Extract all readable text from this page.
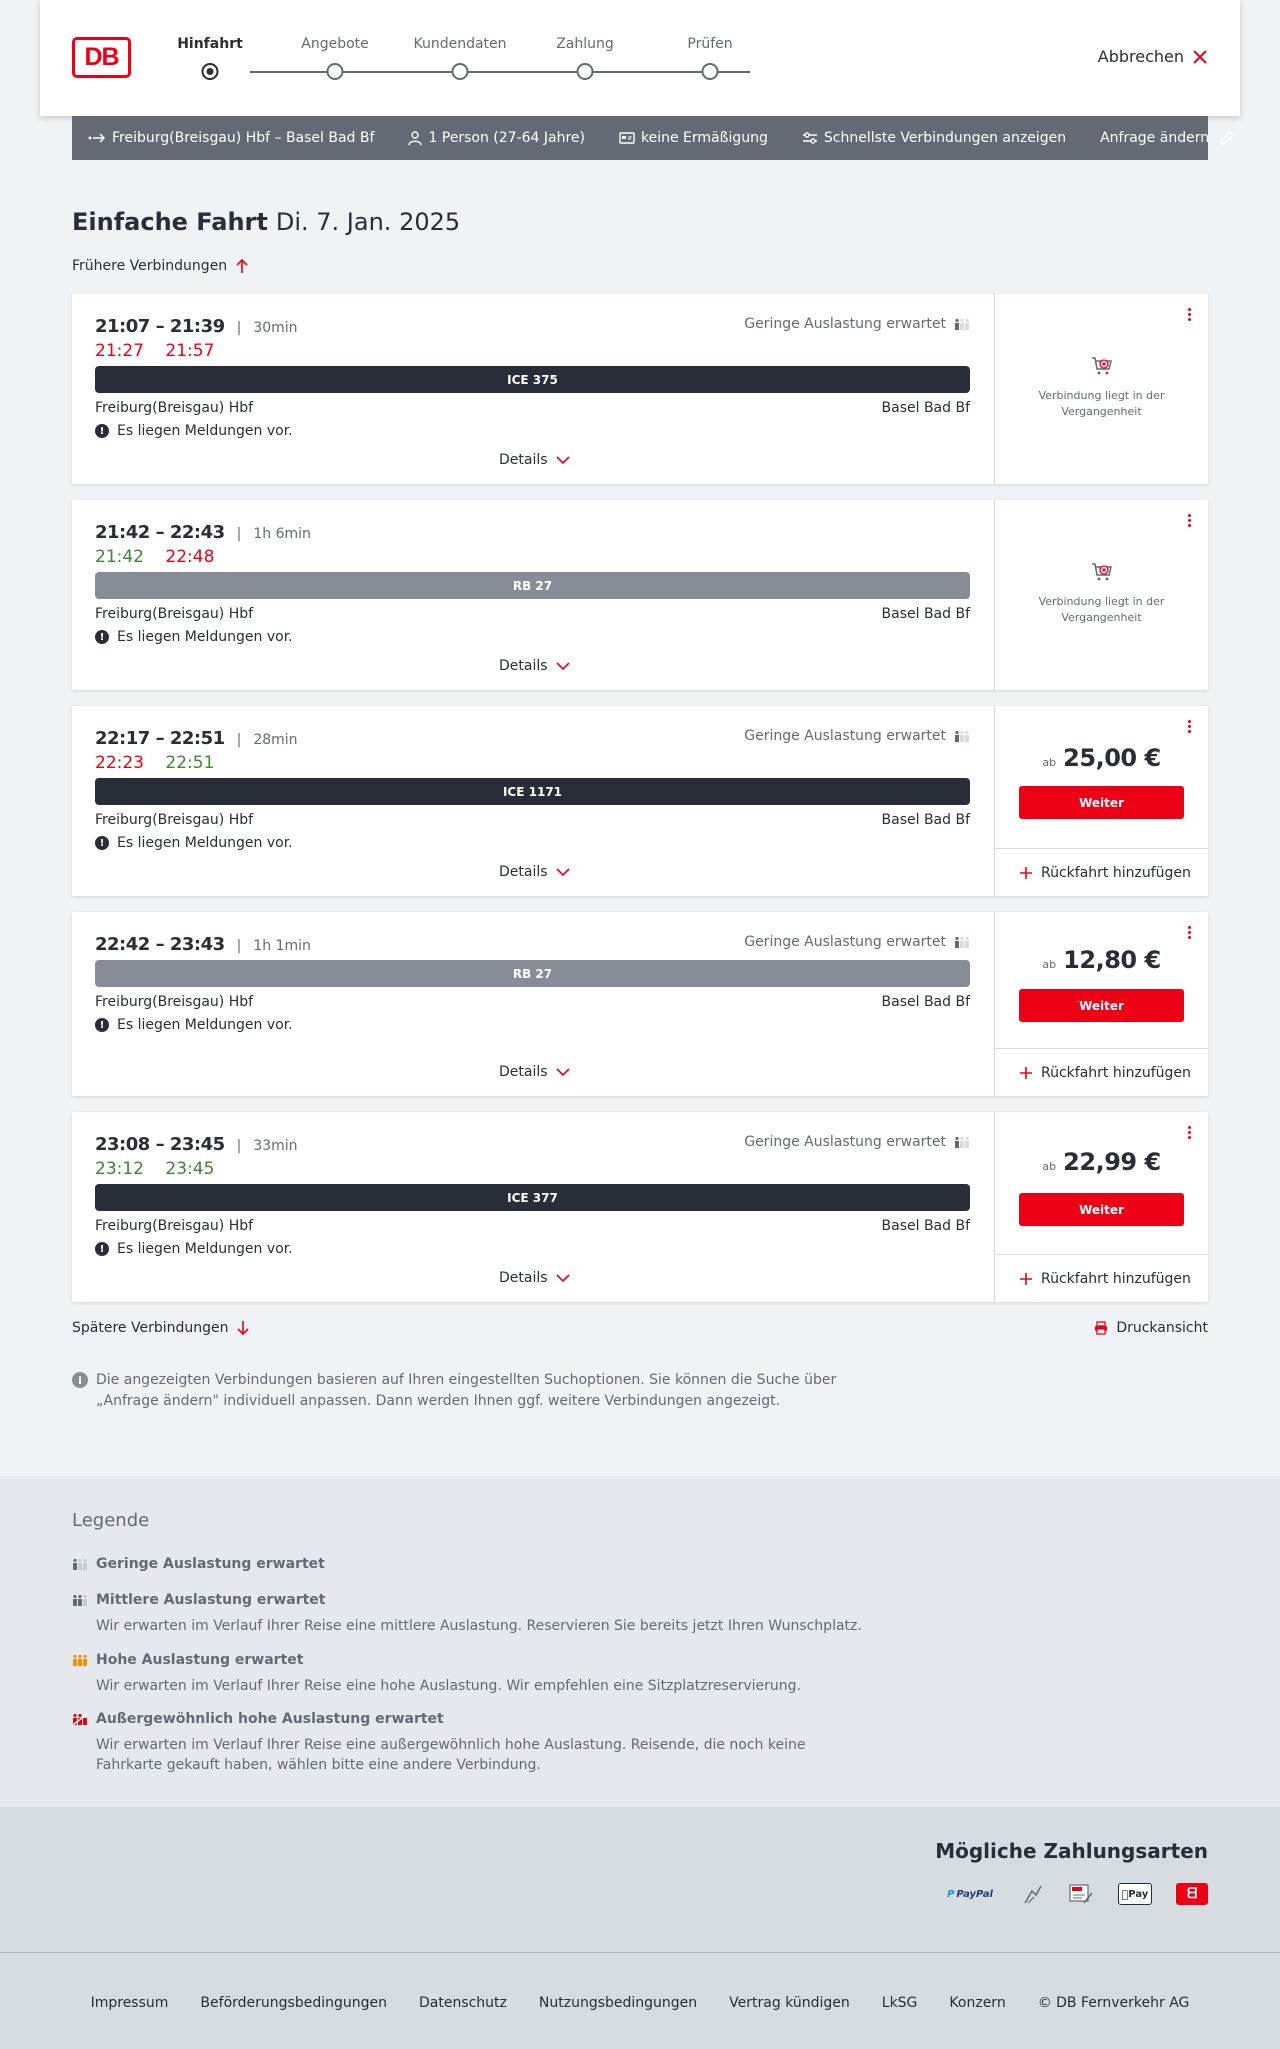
DB	Hinfahrt	Angebote	Kundendaten	Zahlung	Prüfen
Abbrechen
Freiburg(Breisgau) Hbf – Basel Bad Bf	1 Person (27-64 Jahre)	keine Ermäßigung	Schnellste Verbindungen anzeigen Anfrage ändern
Einfache Fahrt Di. 7. Jan. 2025
Frühere Verbindungen
21:07 – 21:39 | 30min
21:27 21:57
Geringe Auslastung erwartet
ICE 375
Freiburg(Breisgau) Hbf	Basel Bad Bf
! Es liegen Meldungen vor.
Details
Verbindung liegt in der
Vergangenheit
21:42 – 22:43 | 1h 6min
21:42 22:48
RB 27
Freiburg(Breisgau) Hbf	Basel Bad Bf
! Es liegen Meldungen vor.
Details
Verbindung liegt in der
Vergangenheit
22:17 – 22:51 | 28min
22:23 22:51
Geringe Auslastung erwartet
ICE 1171
Freiburg(Breisgau) Hbf	Basel Bad Bf
! Es liegen Meldungen vor.
Details
ab 25,00 €
Weiter
Rückfahrt hinzufügen
22:42 – 23:43 | 1h 1min	Geringe Auslastung erwartet
RB 27
Freiburg(Breisgau) Hbf	Basel Bad Bf
! Es liegen Meldungen vor.
Details
ab 12,80 €
Weiter
Rückfahrt hinzufügen
23:08 – 23:45 | 33min
23:12 23:45
Geringe Auslastung erwartet
ICE 377
Freiburg(Breisgau) Hbf	Basel Bad Bf
! Es liegen Meldungen vor.
Details
ab 22,99 €
Weiter
Rückfahrt hinzufügen
Spätere Verbindungen	Druckansicht
i	Die angezeigten Verbindungen basieren auf Ihren eingestellten Suchoptionen. Sie können die Suche über „Anfrage ändern" individuell anpassen. Dann werden Ihnen ggf. weitere Verbindungen angezeigt.
Legende
Geringe Auslastung erwartet
Mittlere Auslastung erwartet
Wir erwarten im Verlauf Ihrer Reise eine mittlere Auslastung. Reservieren Sie bereits jetzt Ihren Wunschplatz.
Hohe Auslastung erwartet
Wir erwarten im Verlauf Ihrer Reise eine hohe Auslastung. Wir empfehlen eine Sitzplatzreservierung.
Außergewöhnlich hohe Auslastung erwartet
Wir erwarten im Verlauf Ihrer Reise eine außergewöhnlich hohe Auslastung. Reisende, die noch keine Fahrkarte gekauft haben, wählen bitte eine andere Verbindung.
Mögliche Zahlungsarten
P PayPal	Pay	ᗺ
Impressum Beförderungsbedingungen Datenschutz Nutzungsbedingungen Vertrag kündigen LkSG Konzern © DB Fernverkehr AG
